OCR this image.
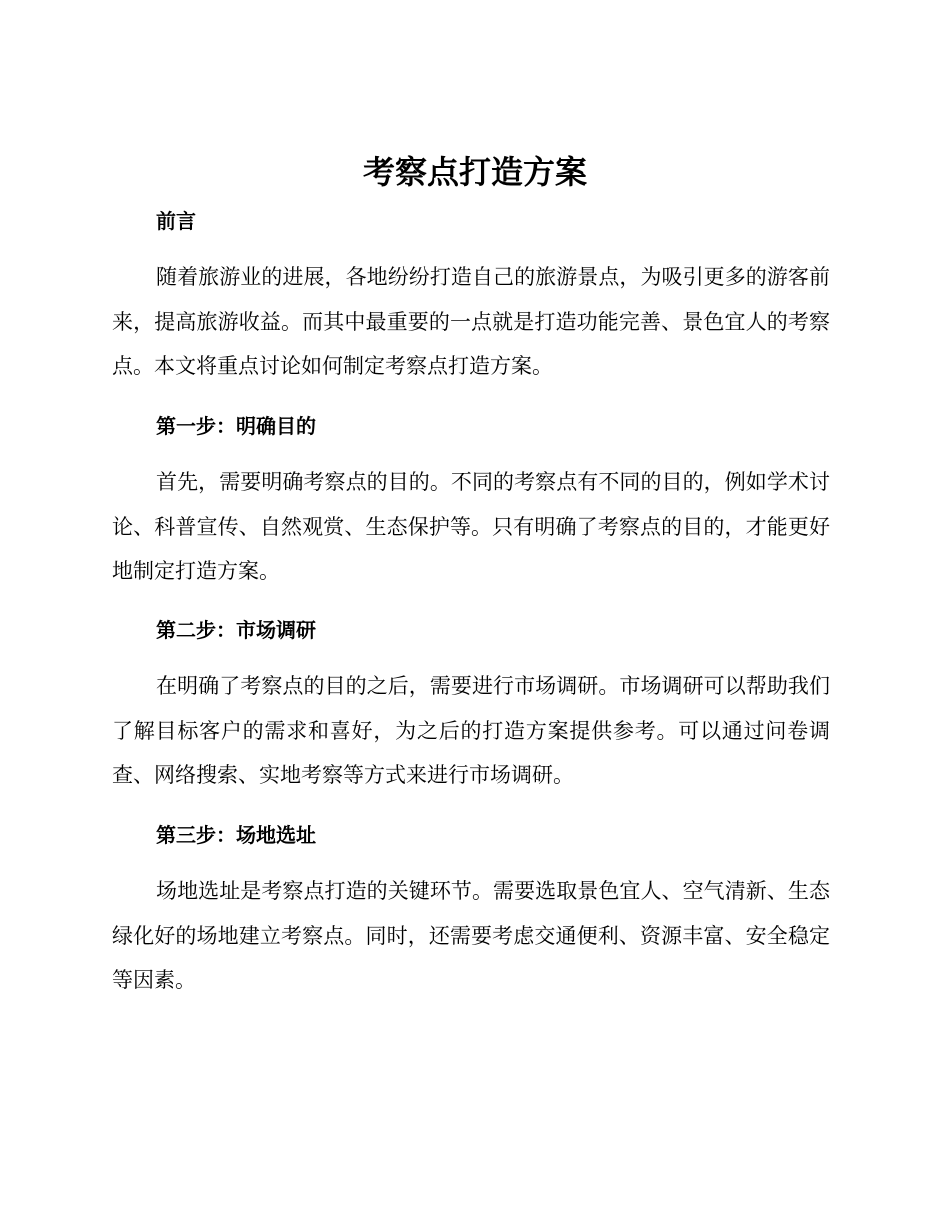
考察点打造方案

前言

随着旅游业的进展，各地纷纷打造自己的旅游景点，为吸引更多的游客前来，提高旅游收益。而其中最重要的一点就是打造功能完善、景色宜人的考察点。本文将重点讨论如何制定考察点打造方案。

第一步：明确目的

首先，需要明确考察点的目的。不同的考察点有不同的目的，例如学术讨论、科普宣传、自然观赏、生态保护等。只有明确了考察点的目的，才能更好地制定打造方案。

第二步：市场调研

在明确了考察点的目的之后，需要进行市场调研。市场调研可以帮助我们了解目标客户的需求和喜好，为之后的打造方案提供参考。可以通过问卷调查、网络搜索、实地考察等方式来进行市场调研。

第三步：场地选址

场地选址是考察点打造的关键环节。需要选取景色宜人、空气清新、生态绿化好的场地建立考察点。同时，还需要考虑交通便利、资源丰富、安全稳定等因素。
